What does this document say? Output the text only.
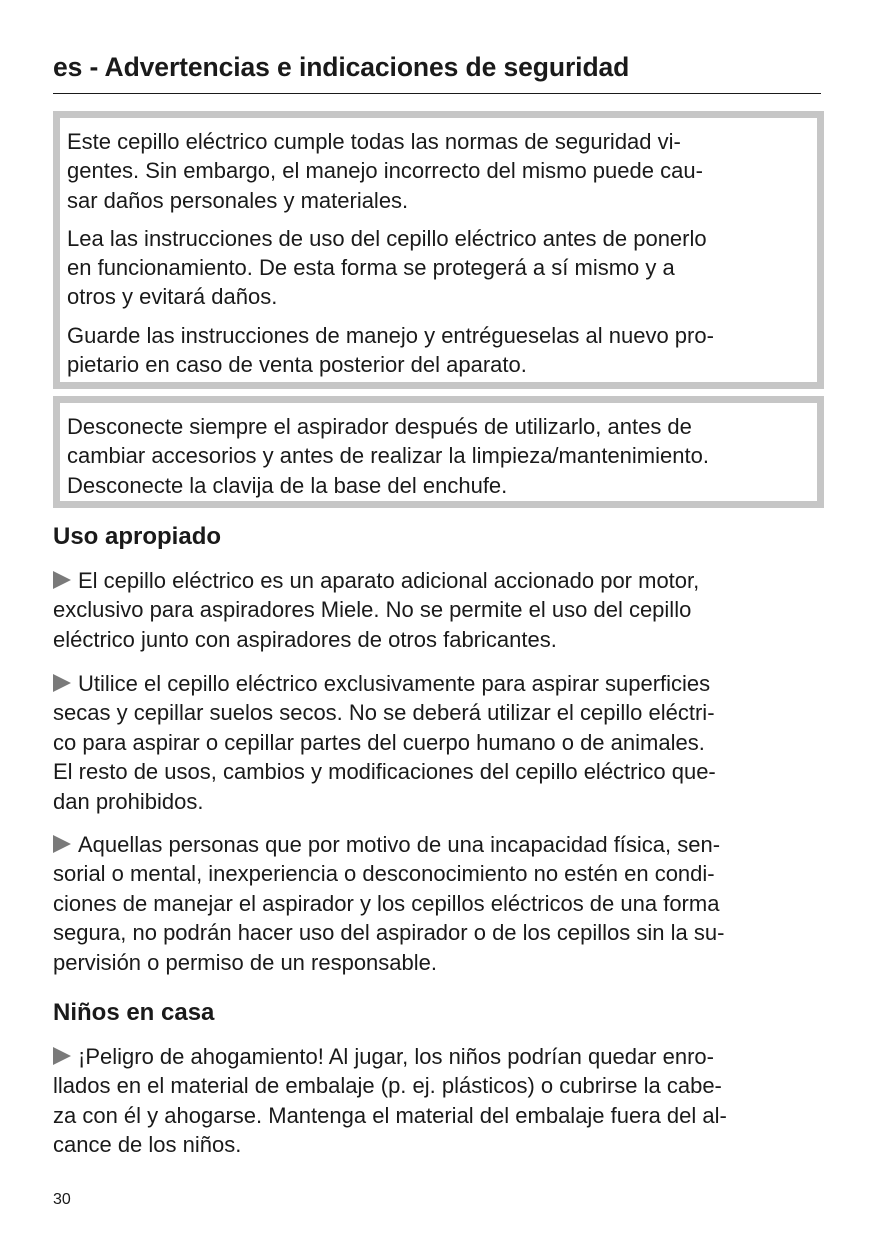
es - Advertencias e indicaciones de seguridad

Este cepillo eléctrico cumple todas las normas de seguridad vi-
gentes. Sin embargo, el manejo incorrecto del mismo puede cau-
sar daños personales y materiales.

Lea las instrucciones de uso del cepillo eléctrico antes de ponerlo
en funcionamiento. De esta forma se protegerá a sí mismo y a
otros y evitará daños.

Guarde las instrucciones de manejo y entrégueselas al nuevo pro-
pietario en caso de venta posterior del aparato.

Desconecte siempre el aspirador después de utilizarlo, antes de
cambiar accesorios y antes de realizar la limpieza/mantenimiento.
Desconecte la clavija de la base del enchufe.

Uso apropiado
El cepillo eléctrico es un aparato adicional accionado por motor,
exclusivo para aspiradores Miele. No se permite el uso del cepillo
eléctrico junto con aspiradores de otros fabricantes.
Utilice el cepillo eléctrico exclusivamente para aspirar superficies
secas y cepillar suelos secos. No se deberá utilizar el cepillo eléctri-
co para aspirar o cepillar partes del cuerpo humano o de animales.
El resto de usos, cambios y modificaciones del cepillo eléctrico que-
dan prohibidos.
Aquellas personas que por motivo de una incapacidad física, sen-
sorial o mental, inexperiencia o desconocimiento no estén en condi-
ciones de manejar el aspirador y los cepillos eléctricos de una forma
segura, no podrán hacer uso del aspirador o de los cepillos sin la su-
pervisión o permiso de un responsable.
Niños en casa
¡Peligro de ahogamiento! Al jugar, los niños podrían quedar enro-
llados en el material de embalaje (p. ej. plásticos) o cubrirse la cabe-
za con él y ahogarse. Mantenga el material del embalaje fuera del al-
cance de los niños.
30
